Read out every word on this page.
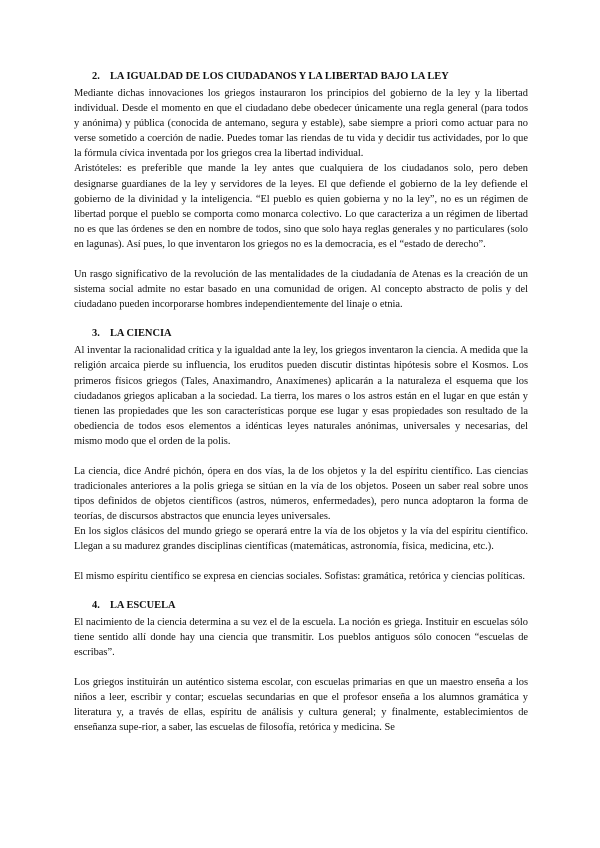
2. LA IGUALDAD DE LOS CIUDADANOS Y LA LIBERTAD BAJO LA LEY

Mediante dichas innovaciones los griegos instauraron los principios del gobierno de la ley y la libertad individual. Desde el momento en que el ciudadano debe obedecer únicamente una regla general (para todos y anónima) y pública (conocida de antemano, segura y estable), sabe siempre a priori como actuar para no verse sometido a coerción de nadie. Puedes tomar las riendas de tu vida y decidir tus actividades, por lo que la fórmula cívica inventada por los griegos crea la libertad individual.

Aristóteles: es preferible que mande la ley antes que cualquiera de los ciudadanos solo, pero deben designarse guardianes de la ley y servidores de la leyes. El que defiende el gobierno de la ley defiende el gobierno de la divinidad y la inteligencia. “El pueblo es quien gobierna y no la ley”, no es un régimen de libertad porque el pueblo se comporta como monarca colectivo. Lo que caracteriza a un régimen de libertad no es que las órdenes se den en nombre de todos, sino que solo haya reglas generales y no particulares (solo en lagunas). Así pues, lo que inventaron los griegos no es la democracia, es el “estado de derecho”.

Un rasgo significativo de la revolución de las mentalidades de la ciudadanía de Atenas es la creación de un sistema social admite no estar basado en una comunidad de origen. Al concepto abstracto de polis y del ciudadano pueden incorporarse hombres independientemente del linaje o etnia.

3. LA CIENCIA

Al inventar la racionalidad crítica y la igualdad ante la ley, los griegos inventaron la ciencia. A medida que la religión arcaica pierde su influencia, los eruditos pueden discutir distintas hipótesis sobre el Kosmos. Los primeros físicos griegos (Tales, Anaximandro, Anaxímenes) aplicarán a la naturaleza el esquema que los ciudadanos griegos aplicaban a la sociedad. La tierra, los mares o los astros están en el lugar en que están y tienen las propiedades que les son características porque ese lugar y esas propiedades son resultado de la obediencia de todos esos elementos a idénticas leyes naturales anónimas, universales y necesarias, del mismo modo que el orden de la polis.

La ciencia, dice André pichón, ópera en dos vías, la de los objetos y la del espíritu científico. Las ciencias tradicionales anteriores a la polis griega se sitúan en la vía de los objetos. Poseen un saber real sobre unos tipos definidos de objetos científicos (astros, números, enfermedades), pero nunca adoptaron la forma de teorías, de discursos abstractos que enuncia leyes universales.

En los siglos clásicos del mundo griego se operará entre la vía de los objetos y la vía del espíritu científico. Llegan a su madurez grandes disciplinas científicas (matemáticas, astronomía, física, medicina, etc.).

El mismo espíritu científico se expresa en ciencias sociales. Sofistas: gramática, retórica y ciencias políticas.

4. LA ESCUELA

El nacimiento de la ciencia determina a su vez el de la escuela. La noción es griega. Instituir en escuelas sólo tiene sentido allí donde hay una ciencia que transmitir. Los pueblos antiguos sólo conocen “escuelas de escribas”.

Los griegos instituirán un auténtico sistema escolar, con escuelas primarias en que un maestro enseña a los niños a leer, escribir y contar; escuelas secundarias en que el profesor enseña a los alumnos gramática y literatura y, a través de ellas, espíritu de análisis y cultura general; y finalmente, establecimientos de enseñanza supe-rior, a saber, las escuelas de filosofía, retórica y medicina. Se
